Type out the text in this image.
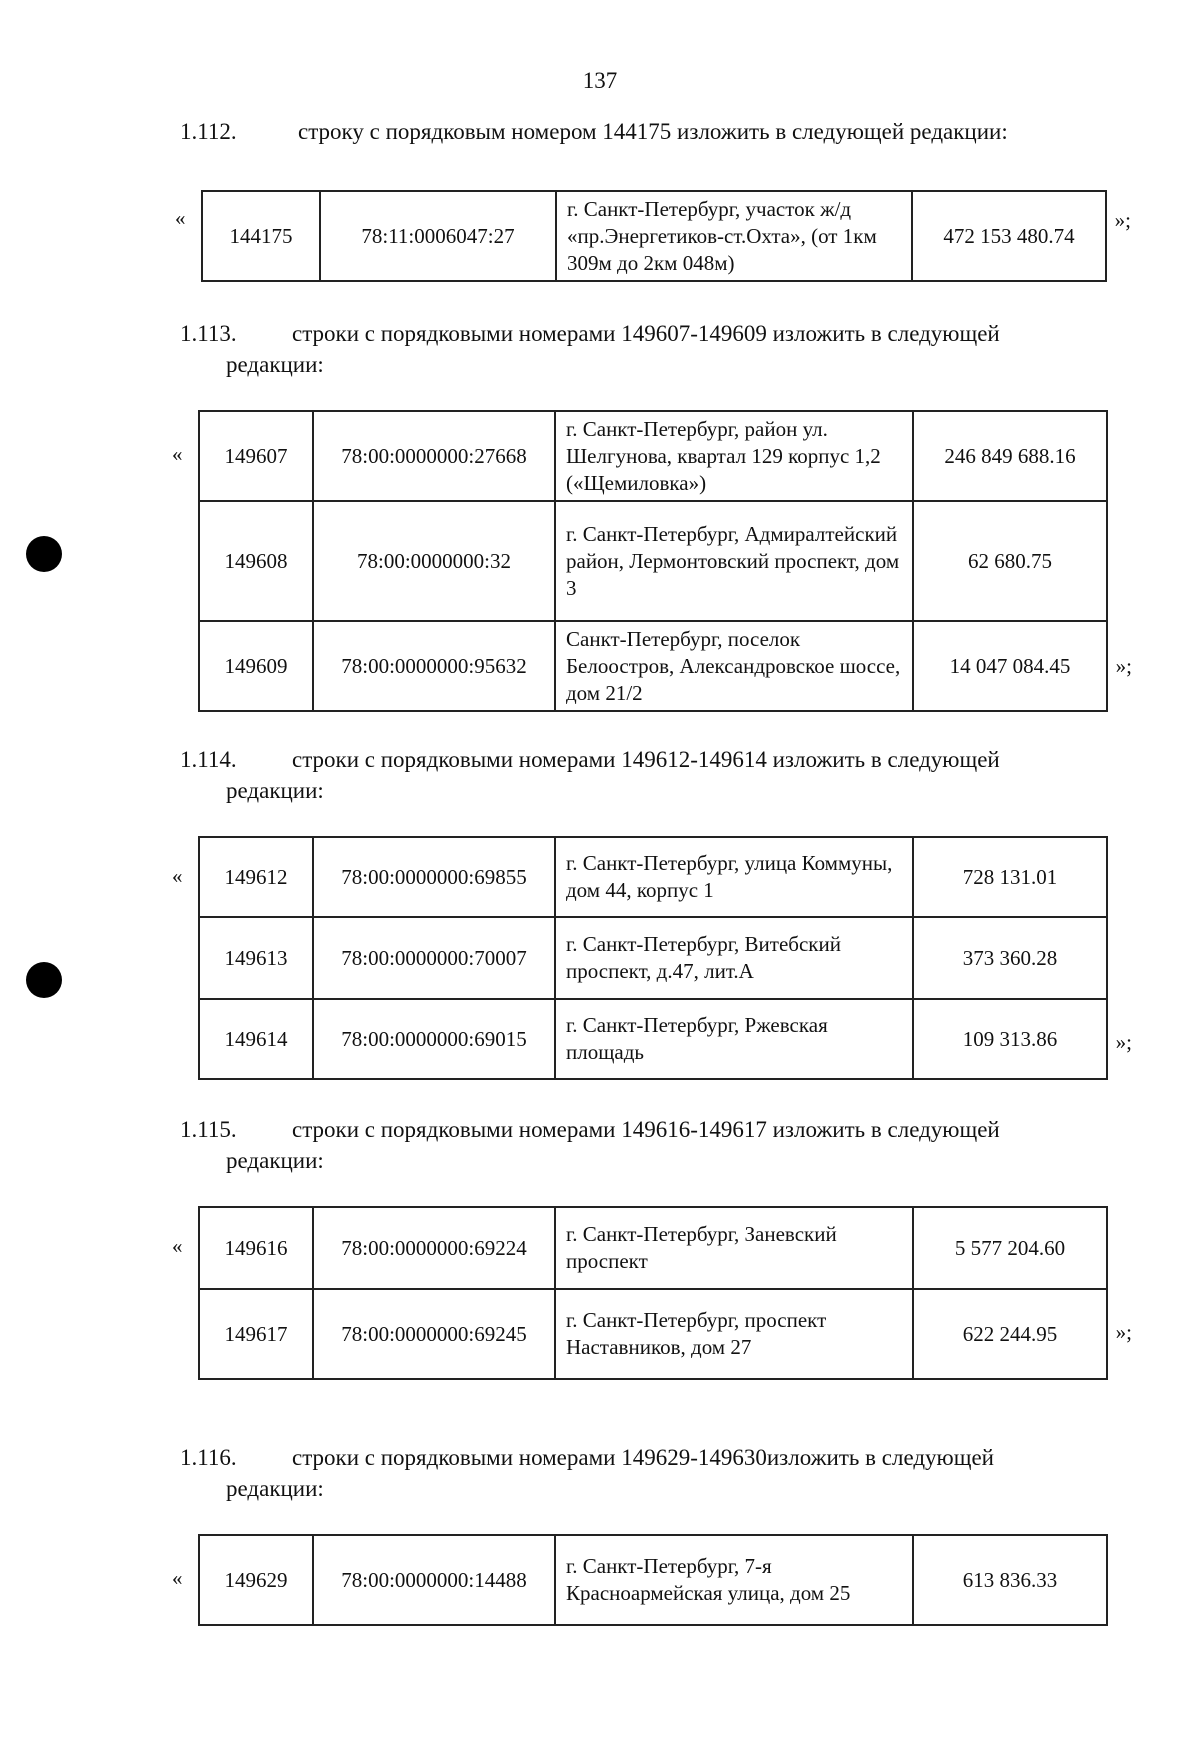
137
1.112.	строку с порядковым номером 144175 изложить в следующей редакции:
«
144175	78:11:0006047:27	г. Санкт-Петербург, участок ж/д «пр.Энергетиков-ст.Охта», (от 1км 309м до 2км 048м)	472 153 480.74
»;
1.113. строки с порядковыми номерами 149607-149609 изложить в следующей
редакции:
« 149607	78:00:0000000:27668	г. Санкт-Петербург, район ул. Шелгунова, квартал 129 корпус 1,2 («Щемиловка»)	246 849 688.16
149608	78:00:0000000:32	г. Санкт-Петербург, Адмиралтейский район, Лермонтовский проспект, дом 3	62 680.75
149609	78:00:0000000:95632	Санкт-Петербург, поселок Белоостров, Александровское шоссе, дом 21/2	14 047 084.45 »;
1.114. строки с порядковыми номерами 149612-149614 изложить в следующей
редакции:
« 149612	78:00:0000000:69855	г. Санкт-Петербург, улица Коммуны, дом 44, корпус 1	728 131.01
149613	78:00:0000000:70007	г. Санкт-Петербург, Витебский проспект, д.47, лит.А	373 360.28
149614	78:00:0000000:69015	г. Санкт-Петербург, Ржевская площадь	109 313.86	»;
1.115. строки с порядковыми номерами 149616-149617 изложить в следующей
редакции:
« 149616	78:00:0000000:69224	г. Санкт-Петербург, Заневский проспект	5 577 204.60
149617	78:00:0000000:69245	г. Санкт-Петербург, проспект Наставников, дом 27	622 244.95	»;
1.116. строки с порядковыми номерами 149629-149630изложить в следующей
редакции:
« 149629	78:00:0000000:14488	г. Санкт-Петербург, 7-я Красноармейская улица, дом 25	613 836.33
